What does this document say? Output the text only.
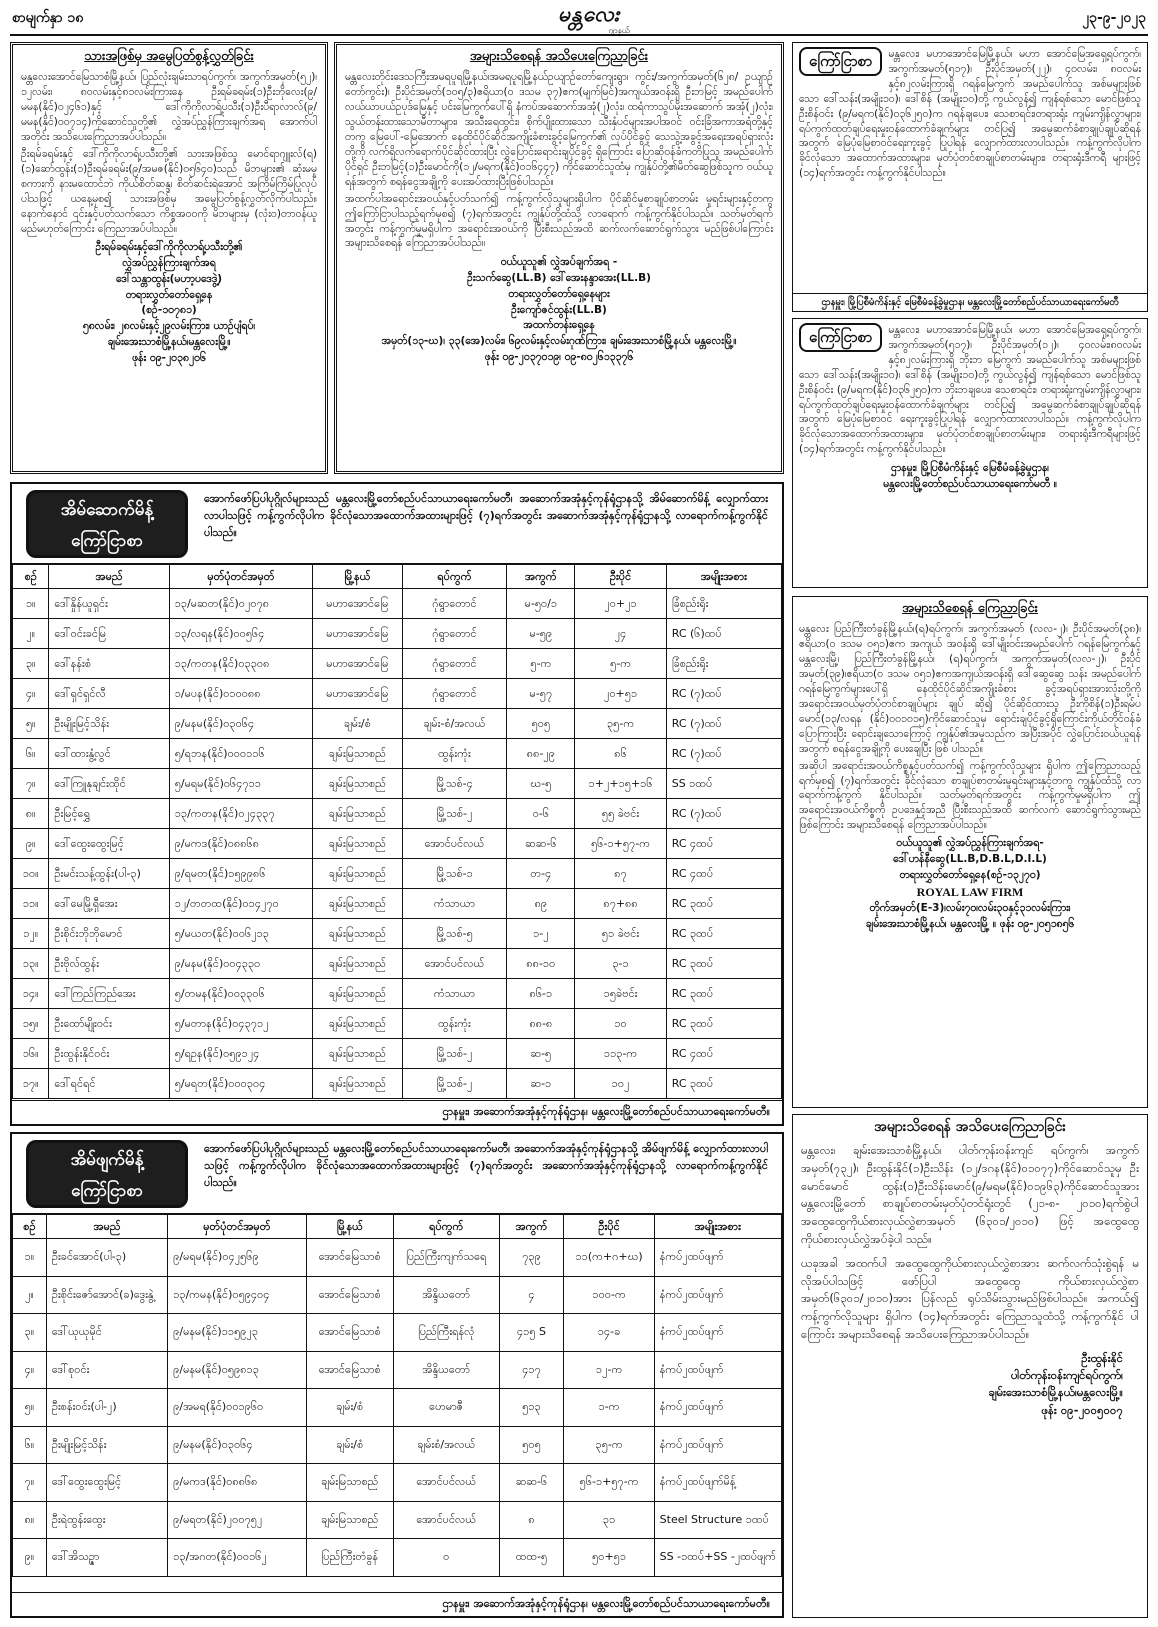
စာမျက်နှာ ၁၈	မန္တလေး
ဂျာနယ်
၂၃-၉-၂၀၂၃
သားအဖြစ်မှ အမွေပြတ်စွန့်လွှတ်ခြင်း

မန္တလေးအောင်မြေသာစံမြို့နယ်၊ ပြည်လုံးချမ်းသာရပ်ကွက်၊ အကွက်အမှတ်(၅၂)၊ ၁၂လမ်း၊ ၈၀လမ်းနှင့်၈၁လမ်းကြားနေ ဦးရမ်ခရမ်း(၁)ဦးဘိုလေး(၉/မမန(နိုင်)၀၂၄၆၁)နှင့် ဒေါ်ကိုကိုလာရ့်ပသီး(၁)ဦးပီရာလာလ်(၉/မမန(နိုင်)၀၀၇၁၄)ကိုဆောင်သူတို့၏ လွှဲအပ်ညွှန်ကြားချက်အရ အောက်ပါအတိုင်း အသိပေးကြေညာအပ်ပါသည်။

ဦးရမ်ခရမ်းနှင့် ဒေါ်ကိုကိုလာရ့်ပသီးတို့၏ သားအဖြစ်သူ မောင်ရာဂျူးလ်(ရ)(၁)ဆော်ထွန်း(၁)ဦးရမ်ခရမ်း(၉/အမဇ(နိုင်)၀၅၆၄၀)သည် မိဘများ၏ ဆုံးမမှုစကားကို နားမထောင်ဘဲ ကိုယ်စိတ်ဆန္ဒ၊ စိတ်ဆင်းရဲအောင် အကြိမ်ကြိမ်ပြုလုပ်ပါသဖြင့် ယနေ့မှစ၍ သားအဖြစ်မှ အမွေပြတ်စွန့်လွှတ်လိုက်ပါသည်။ နောက်နောင် ၎င်းနှင့်ပတ်သက်သော ကိစ္စအဝဝကို မိဘများမှ (လုံး၀)တာဝန်ယူမည်မဟုတ်ကြောင်း ကြေညာအပ်ပါသည်။

ဦးရမ်ခရမ်းနှင့်ဒေါ်ကိုကိုလာရ့်ပသီးတို့၏
လွှဲအပ်ညွှန်ကြားချက်အရ
ဒေါ်သန္တာထွန်း(မဟာ့ပဒေဒွဲ့)
တရားလွှတ်တော်ရှေ့နေ
(စဥ်-၁၀၇၈၁)
၅၈လမ်း၊ ၂၈လမ်းနှင့်၂၉လမ်းကြား၊ ယာဥ်ပျံရပ်၊
ချမ်းအေးသာစံမြို့နယ်၊မန္တလေးမြို့။
ဖုန်း ၀၉-၂၀၃၈၂၀၆
အများသိစေရန် အသိပေးကြေညာခြင်း

မန္တလေးတိုင်းဒေသကြီးအမရပူရမြို့နယ်၊အမရပူရမြို့နယ်ဥယျာဉ်တော်ကျေးရွာ၊ ကွင်း/အကွက်အမှတ်(၆၂၈/ ဥယျာဉ်တော်ကွင်း)၊ ဦးပိုင်အမှတ်(၁၀၅/၃)ဧရိယာ(၀ ဒသမ ၃၇)ဧက(မျက်မြင်)အကျယ်အဝန်းရှိ ဦးဘမြင့် အမည်ပေါက် လယ်ယာပယ်ဥပုဒ်မြေနှင့် ပင်းမြေကွက်ပေါ်ရှိ နံကပ်အဆောက်အအုံ(၂)လုံး၊ ထရံကာသွပ်မိုးအဆောက် အအုံ(၂)လုံး၊ သွယ်တန်းထားသောမီတာများ၊ အသီးရေထွင်း၊ စိုက်ပျိုးထားသော သီးနှံပင်များအပါအဝင် ဝင်းခြံအကာအရံတို့နှင့်တကွ မြေပေါ်-မြေအောက် နေထိုင်ပိုင်ဆိုင်အကျိုးခံစားခွင့်မြေကွက်၏ လုပ်ပိုင်ခွင့် သေသွဲ့အခွင့်အရေးအရပ်ရှားလုံးတို့ကို လက်ရှိလက်ရောက်ပိုင်ဆိုင်ထားပြီး လွှဲပြောင်းရောင်းချပိုင်ခွင့် ရှိကြောင်း ပြောဆိုဝန်ခံကတိပြုသူ အမည်ပေါက်ပိုင်ရှင် ဦးဘမြင့်(၁)ဦးမောင်ကို(၁၂/မရက(နိုင်)၀၁၆၄၄၇) ကိုင်ဆောင်သူထံမှ ကျွန်ုပ်တို့၏မိတ်ဆွေဖြစ်သူက ဝယ်ယူရန်အတွက် စရန်ငွေအချို့ကို ပေးအပ်ထားပြီးဖြစ်ပါသည်။

အထက်ပါအရောင်းအဝယ်နှင့်ပတ်သက်၍ ကန့်ကွက်လိုသူများရှိပါက ပိုင်ဆိုင်မှုစာချုပ်စာတမ်း မူရင်းများနှင့်တကွ ဤကြော်ငြာပါသည့်ရက်မှစ၍ (၇)ရက်အတွင်း ကျွန်ုပ်တို့ထံသို့ လာရောက် ကန့်ကွက်နိုင်ပါသည်။ သတ်မှတ်ရက်အတွင်း ကန့်ကွက်မှုမရှိပါက အရောင်းအဝယ်ကို ပြီးစီးသည်အထိ ဆက်လက်ဆောင်ရွက်သွား မည်ဖြစ်ပါကြောင်း အများသိစေရန် ကြေညာအပ်ပါသည်။

ဝယ်ယူသူ၏ လွှဲအပ်ချက်အရ -
ဦးသက်ဆွေ(LL.B) ဒေါ်အေးနန္ဒာအေး(LL.B)
တရားလွှတ်တော်ရှေ့နေများ
ဦးကျော်ဇင်ထွန်း(LL.B)
အထက်တန်းရှေ့နေ
အမှတ်(၁၃-ဃ)၊ ၃၃(အေ)လမ်း၊ ၆၉လမ်းနှင့်လမ်းဂုဏ်ကြား၊ ချမ်းအေးသာစံမြို့နယ်၊ မန္တလေးမြို့။
ဖုန်း ၀၉-၂၀၃၇၀၁၉၊ ၀၉-၈၀၂၆၁၃၃၇၆
ကြော်ငြာစာ	မန္တလေး၊ မဟာအောင်မြေမြို့နယ်၊ မဟာ အောင်မြေအရှေ့ရပ်ကွက်၊ အကွက်အမှတ်(၅၁၇)၊ ဦးပိုင်အမှတ်(၂၂)၊ ၄၀လမ်း၊ ၈၀လမ်းနှင့်၈၂လမ်းကြားရှိ ဂရန်မြေကွက် အမည်ပေါက်သူ အစ်မများဖြစ်သော ဒေါ်သန်း(အမျိုး၁၀)၊ ဒေါ်စိန် (အမျိုး၁၀)တို့ ကွယ်လွန်၍ ကျန်ရစ်သော မောင်ဖြစ်သူ ဦးစိန်ဝင်း (၉/မရက(နိုင်)၀၃၆၂၅၀)က ဂရန်ချပေး၊ သေစာရင်း၊တရားရုံး ကျမ်းကျိန်လွှာများ၊ရပ်ကွက်ထုတ်ချပ်ရေးမှုးဝန်ထောက်ခံချက်များ တင်ပြ၍ အမွေဆက်ခံစာချုပ်ချုပ်ဆိုရန်အတွက် မြေပုံမြေစာဝင်ရေးကူးခွင့် ပြုပါရန် လျှောက်ထားလာပါသည်။ ကန့်ကွက်လိုပါက ခိုင်လုံသော အထောက်အထားများ၊ မှတ်ပုံတင်စာချုပ်စာတမ်းများ၊ တရားရုံးဒီကရီ များဖြင့် (၁၄)ရက်အတွင်း ကန့်ကွက်နိုင်ပါသည်။
ဌာနမှူး၊ မြို့ပြစီမံကိန်းနှင့် မြေစီမံခန့်ခွဲမှုဌာန၊ မန္တလေးမြို့တော်စည်ပင်သာယာရေးကော်မတီ
ကြော်ငြာစာ	မန္တလေး၊ မဟာအောင်မြေမြို့နယ်၊ မဟာ အောင်မြေအရှေ့ရပ်ကွက်၊ အကွက်အမှတ်(၅၁၇)၊ ဦးပိုင်အမှတ်(၁၂)၊ ၄၀လမ်း၊၈၀လမ်းနှင့်၈၂လမ်းကြားရှိ ဘိုးဘ မြေကွက် အမည်ပေါက်သူ အစ်မများဖြစ်သော ဒေါ်သန်း(အမျိုး၁၀)၊ ဒေါ်စိန် (အမျိုး၁၀)တို့ ကွယ်လွန်၍ ကျန်ရစ်သော မောင်ဖြစ်သူ ဦးစိန်ဝင်း (၉/မရက(နိုင်)၀၃၆၂၅၀)က ဘိုးဘချပေး၊ သေစာရင်း၊ တရားရုံးကျမ်းကျိန်လွှာများ၊ရပ်ကွက်ထုတ်ချပ်ရေးမှုးဝန်ထောက်ခံချက်များ တင်ပြ၍ အမွေဆက်ခံစာချုပ်ချုပ်ဆိုရန်အတွက် မြေပုံမြေစာဝင် ရေးကူးခွင့်ပြုပါရန် လျှောက်ထားလာပါသည်။ ကန့်ကွက်လိုပါက ခိုင်လုံသောအထောက်အထားများ၊ မှတ်ပုံတင်စာချုပ်စာတမ်းများ၊ တရားရုံးဒီကရီများဖြင့် (၁၄)ရက်အတွင်း ကန့်ကွက်နိုင်ပါသည်။
ဌာနမှူး၊ မြို့ပြစီမံကိန်းနှင့် မြေစီမံခန့်ခွဲမှုဌာန၊
မန္တလေးမြို့တော်စည်ပင်သာယာရေးကော်မတီ ။
အများသိစေရန် ကြေညာခြင်း

မန္တလေး ပြည်ကြီးတံခွန်မြို့နယ်၊(ရ)ရပ်ကွက်၊ အကွက်အမှတ် (လလ-၂)၊ ဦးပိုင်အမှတ်(၃၈)၊ ဧရိယာ(၀ ဒသမ ၀၅၁)ဧက အကျယ် အဝန်းရှိ ဒေါ်မျိုးဝင်းအမည်ပေါက် ဂရန်မြေကွက်နှင့် မန္တလေးမြို့၊ ပြည်ကြီးတံခွန်မြို့နယ်၊ (ရ)ရပ်ကွက်၊ အကွက်အမှတ်(လလ-၂)၊ ဦးပိုင် အမှတ်(၃၉)၊ဧရိယာ(၀ ဒသမ ၀၅၁)ဧကအကျယ်အဝန်းရှိ ဒေါ်ဆွေဆွေ သန်း အမည်ပေါက် ဂရန်မြေကွက်များပေါ်ရှိ နေထိုင်ပိုင်ဆိုင်အကျိုးခံစား ခွင့်အရပ်ရှားအားလုံးတို့ကို အရောင်းအဝယ်မှတ်ပုံတင်စာချုပ်များ ချုပ် ဆို၍ ပိုင်ဆိုင်ထားသူ ဦးကိုစိန်(၁)ဦးရမ်ပမောင်(၁၃/လရန (နိုင်)၀၀၁၀၁၅)ကိုင်ဆောင်သူမှ ရောင်းချပိုင်ခွင့်ရှိကြောင်းကိုယ်တိုင်ဝန်ခံ ပြောကြားပြီး ရောင်းချသောကြောင့် ကျွန်ုပ်၏အမှုသည်က အပြီးအပိုင် လွှဲပြောင်းဝယ်ယူရန်အတွက် စရန်ငွေအချို့ကို ပေးချေပြီး ဖြစ် ပါသည်။

အဆိုပါ အရောင်းအဝယ်ကိစ္စနှင့်ပတ်သက်၍ ကန့်ကွက်လိုသူများ ရှိပါက ဤကြေညာသည့်ရက်မှစ၍ (၇)ရက်အတွင်း ခိုင်လုံသော စာချုပ်စာတမ်းမူရင်းများနှင့်တကွ ကျွန်ုပ်ထံသို့ လာရောက်ကန့်ကွက် နိုင်ပါသည်။ သတ်မှတ်ရက်အတွင်း ကန့်ကွက်မှုမရှိပါက ဤ အရောင်းအဝယ်ကိစ္စကို ဥပဒေနှင့်အညီ ပြီးစီးသည်အထိ ဆက်လက် ဆောင်ရွက်သွားမည်ဖြစ်ကြောင်း အများသိစေရန် ကြေညာအပ်ပါသည်။

ဝယ်ယူသူ၏ လွှဲအပ်ညွှန်ကြားချက်အရ-
ဒေါ်ဟန်နီဆွေ(LL.B,D.B.L,D.I.L)
တရားလွှတ်တော်ရှေ့နေ(စဥ်-၁၃၂၇၀)
ROYAL LAW FIRM
တိုက်အမှတ်(E-3)၊လမ်း၇၀၊လမ်း၃၀နှင့်၃၁လမ်းကြား၊
ချမ်းအေးသာစံမြို့နယ်၊ မန္တလေးမြို့ ။ ဖုန်း ၀၉-၂၀၅၁၈၅၆
အများသိစေရန် အသိပေးကြေညာခြင်း

မန္တလေး၊ ချမ်းအေးသာစံမြို့နယ်၊ ပါတ်ကုန်းဝန်းကျင် ရပ်ကွက်၊ အကွက်အမှတ်(၇၃၂)၊ ဦးထွန်းနိုင်(၁)ဦးသိန်း (၁၂/ဒဂန(နိုင်)၀၁၀၇၇)ကိုင်ဆောင်သူမှ ဦးမောင်မောင် ထွန်း(၁)ဦးသိန်းမောင်(၉/မရမ(နိုင်)၀၁၉၆၃)ကိုင်ဆောင်သူအား မန္တလေးမြို့တော် စာချုပ်စာတမ်းမှတ်ပုံတင်ရုံးတွင် (၂၁-၈- ၂၀၁၀)ရက်စွဲပါ အထွေထွေကိုယ်စားလှယ်လွှဲစာအမှတ် (၆၃၀၁/၂၀၁၀) ဖြင့် အထွေထွေကိုယ်စားလှယ်လွှဲအပ်ခဲ့ပါ သည်။

ယခုအခါ အထက်ပါ အထွေထွေကိုယ်စားလှယ်လွှဲစာအား ဆက်လက်သုံးစွဲရန် မလိုအပ်ပါသဖြင့် ဖော်ပြပါ အထွေထွေ ကိုယ်စားလှယ်လွှဲစာအမှတ်(၆၃၀၁/၂၀၁၀)အား ပြန်လည် ရုပ်သိမ်းသွားမည်ဖြစ်ပါသည်။ အကယ်၍ ကန့်ကွက်လိုသူများ ရှိပါက (၁၄)ရက်အတွင်း ကြေညာသူထံသို့ ကန့်ကွက်နိုင် ပါကြောင်း အများသိစေရန် အသိပေးကြေညာအပ်ပါသည်။

ဦးထွန်းနိုင်
ပါတ်ကုန်းဝန်းကျင်ရပ်ကွက်၊
ချမ်းအေးသာစံမြို့နယ်၊မန္တလေးမြို့။
ဖုန်း ၀၉-၂၀၀၅၀၀၇
အိမ်ဆောက်မိန့်
ကြော်ငြာစာ
အောက်ဖော်ပြပါပုဂ္ဂိုလ်များသည် မန္တလေးမြို့တော်စည်ပင်သာယာရေးကော်မတီ၊ အဆောက်အအုံနှင့်ကုန်ရုံဌာနသို့ အိမ်ဆောက်မိန့် လျှောက်ထားလာပါသဖြင့် ကန့်ကွက်လိုပါက ခိုင်လုံသောအထောက်အထားများဖြင့် (၇)ရက်အတွင်း အဆောက်အအုံနှင့်ကုန်ရုံဌာနသို့ လာရောက်ကန့်ကွက်နိုင်ပါသည်။
စဉ်	အမည်	မှတ်ပုံတင်အမှတ်	မြို့နယ်	ရပ်ကွက်	အကွက်	ဦးပိုင်	အမျိုးအစား
၁။	ဒေါ်နှိုန်ယူရှင်း	၁၃/မဆတ(နိုင်)၀၂၀၇၈	မဟာအောင်မြေ	ဂုံရွာတောင်	မ-၅၀/၁	၂၀+၂၁	ခြံစည်းရိုး
၂။	ဒေါ်ဝင်းခင်မြ	၁၃/လရန(နိုင်)၀၀၅၆၄	မဟာအောင်မြေ	ဂုံရွာတောင်	မ-၅၉	၂၄	RC (၆)ထပ်
၃။	ဒေါ်နန်းစံ	၁၃/ကတန(နိုင်)၀၃၃၀၈	မဟာအောင်မြေ	ဂုံရွာတောင်	၅-က	၅-က	ခြံစည်းရိုး
၄။	ဒေါ်ရှင်ရှင်လီ	၁/မပန(နိုင်)၀၁၀၀၈၈	မဟာအောင်မြေ	ဂုံရွာတောင်	မ-၅၇	၂၀+၅၁	RC (၇)ထပ်
၅။	ဦးမျိုးမြင့်သိန်း	၉/မနမ(နိုင်)၀၃၀၆၄	ချမ်း/စံ	ချမ်း-စံ/အလယ်	၅၀၅	၃၅-က	RC (၇)ထပ်
၆။	ဒေါ်ထားနွံ့လွင်	၅/ရဘန(နိုင်)၀၀၀၁၁၆	ချမ်းမြသာစည်	ထွန်းကုံး	၈၈-၂၉	၈၆	RC (၇)ထပ်
၇။	ဒေါ်ကြူနုချင်းထိုင်	၅/မရမ(နိုင်)၀၆၄၇၁၁	ချမ်းမြသာစည်	မြို့သစ်-၄	ဃ-၅	၁+၂+၁၅+၁၆	SS ၁ထပ်
၈။	ဦးမြင့်ရွှေ	၁၃/ကတန(နိုင်)၀၂၄၃၃၇	ချမ်းမြသာစည်	မြို့သစ်-၂	ဝ-၆	၅၅ ခဲဗင်း	RC (၇)ထပ်
၉။	ဒေါ်ထွေးထွေးမြင့်	၉/မကဒ(နိုင်)၀၈၈၆၈	ချမ်းမြသာစည်	အောင်ပင်လယ်	ဆဆ-၆	၅၆-၁+၅၇-က	RC ၄ထပ်
၁၀။	ဦးမင်းသန့်ထွန်း(ပါ-၃)	၉/ရမတ(နိုင်)၁၅၉၉၈၆	ချမ်းမြသာစည်	မြို့သစ်-၁	တ-၄	၈၇	RC ၄ထပ်
၁၁။	ဒေါ်မေမြို့ရှီအေး	၁၂/တတထ(နိုင်)၀၁၄၂၇၀	ချမ်းမြသာစည်	ကံသာယာ	၈၉	၈၇+၈၈	RC ၃ထပ်
၁၂။	ဦးစိုင်းဘိုဘိုမောင်	၅/မယတ(နိုင်)၀၀၆၂၁၃	ချမ်းမြသာစည်	မြို့သစ်-၅	၁-၂	၅၁ ခဲဗင်း	RC ၃ထပ်
၁၃။	ဦးဗိုလ်ထွန်း	၉/မနမ(နိုင်)၀၀၄၃၃၀	ချမ်းမြသာစည်	အောင်ပင်လယ်	၈၈-၁၀	၃-၁	RC ၃ထပ်
၁၄။	ဒေါ်ကြည်ကြည်အေး	၅/တမန(နိုင်)၀၀၃၃၀၆	ချမ်းမြသာစည်	ကံသာယာ	၈၆-၁	၁၅ခဲဗင်း	RC ၃ထပ်
၁၅။	ဦးထော်မျိုးဝင်း	၅/မတာန(နိုင်)၀၄၃၇၁၂	ချမ်းမြသာစည်	ထွန်းကုံး	၈၈-၈	၁၀	RC ၃ထပ်
၁၆။	ဦးထွန်းနိုင်ဝင်း	၅/ရဥန(နိုင်)၀၅၉၁၂၄	ချမ်းမြသာစည်	မြို့သစ်-၂	ဆ-၅	၁၁၃-က	RC ၄ထပ်
၁၇။	ဒေါ်ရင်ရင်	၅/မရတ(နိုင်)၀၀၀၃၀၄	ချမ်းမြသာစည်	မြို့သစ်-၂	ဆ-၁	၁၀၂	RC ၃ထပ်
ဌာနမှူး၊ အဆောက်အအုံနှင့်ကုန်ရုံဌာန၊ မန္တလေးမြို့တော်စည်ပင်သာယာရေးကော်မတီ။
အိမ်ဖျက်မိန့်
ကြော်ငြာစာ
အောက်ဖော်ပြပါပုဂ္ဂိုလ်များသည် မန္တလေးမြို့တော်စည်ပင်သာယာရေးကော်မတီ၊ အဆောက်အအုံနှင့်ကုန်ရုံဌာနသို့ အိမ်ဖျက်မိန့် လျှောက်ထားလာပါသဖြင့် ကန့်ကွက်လိုပါက ခိုင်လုံသောအထောက်အထားများဖြင့် (၇)ရက်အတွင်း အဆောက်အအုံနှင့်ကုန်ရုံဌာနသို့ လာရောက်ကန့်ကွက်နိုင်ပါသည်။
စဉ်	အမည်	မှတ်ပုံတင်အမှတ်	မြို့နယ်	ရပ်ကွက်	အကွက်	ဦးပိုင်	အမျိုးအစား
၁။	ဦးခင်အောင်(ပါ-၃)	၉/မရမ(နိုင်)၀၄၂၅၆၉	အောင်မြေသာစံ	ပြည်ကြီးကျက်သရေ	၇၃၉	၁၁(က+ဂ+ဃ)	နံကပ်၂ထပ်ဖျက်
၂။	ဦးစိုင်းဇော်အောင်(ခ)ဒွေးနွဲ့	၁၃/ကမန(နိုင်)၀၅၉၄၀၄	အောင်မြေသာစံ	အိန္ဒိယတော်	၄	၁၀၀-က	နံကပ်၂ထပ်ဖျက်
၃။	ဒေါ်ယုယုမိုင်	၉/မနမ(နိုင်)၁၁၅၉၂၃	အောင်မြေသာစံ	ပြည်ကြီးရန်လုံ	၄၁၅ S	၁၄-ခ	နံကပ်၂ထပ်ဖျက်
၄။	ဒေါ်စုဝင်း	၉/မနမ(နိုင်)၀၅၉၈၁၃	အောင်မြေသာစံ	အိန္ဒိယတော်	၄၁၇	၁၂-က	နံကပ်၂ထပ်ဖျက်
၅။	ဦးစန်းဝင်း(ပါ-၂)	၉/အမရ(နိုင်)၀၀၁၉၆၀	ချမ်း/စံ	ဟေမာဇီ	၅၁၃	၁-က	နံကပ်၂ထပ်ဖျက်
၆။	ဦးမျိုးမြင့်သိန်း	၉/မနမ(နိုင်)၀၃၀၆၄	ချမ်း/စံ	ချမ်းစံ/အလယ်	၅၀၅	၃၅-က	နံကပ်၂ထပ်ဖျက်
၇။	ဒေါ်ထွေးထွေးမြင့်	၉/မကဒ(နိုင်)၀၈၈၆၈	ချမ်းမြသာစည်	အောင်ပင်လယ်	ဆဆ-၆	၅၆-၁+၅၇-က	နံကပ်၂ထပ်ဖျက်မိန့်
၈။	ဦးရဲထွန်းထွေး	၉/မရတ(နိုင်)၂၀၀၇၅၂	ချမ်းမြသာစည်	အောင်ပင်လယ်	၈	၃၁	Steel Structure ၁ထပ်
၉။	ဒေါ်အိသဉ္ဇာ	၁၃/အဂတ(နိုင်)၀၀၁၆၂	ပြည်ကြီးတံခွန်	၀	ထထ-၅	၅၀+၅၁	SS -၁ထပ်+SS -၂ထပ်ဖျက်
ဌာနမှူး၊ အဆောက်အအုံနှင့်ကုန်ရုံဌာန၊ မန္တလေးမြို့တော်စည်ပင်သာယာရေးကော်မတီ။
